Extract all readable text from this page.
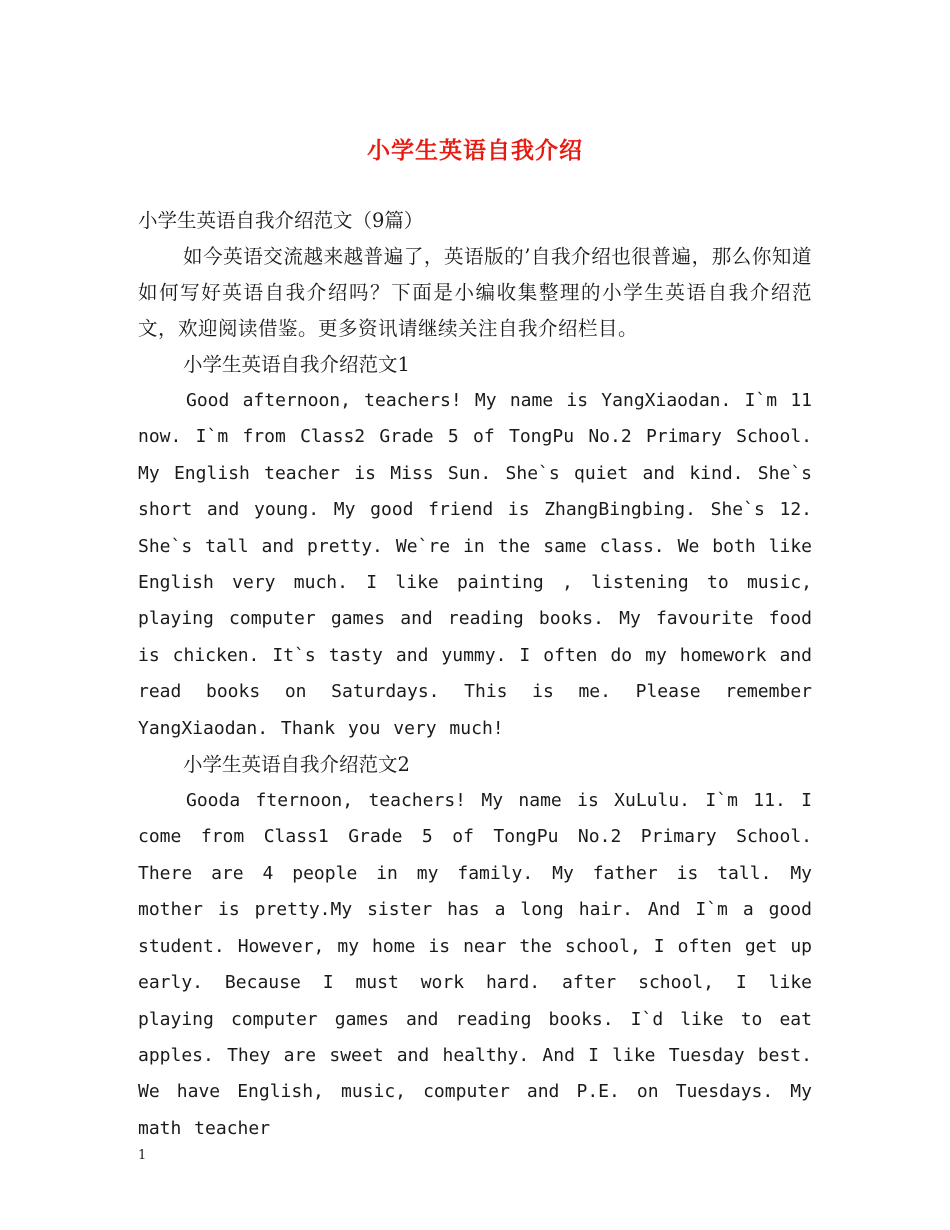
小学生英语自我介绍

小学生英语自我介绍范文（9篇）

如今英语交流越来越普遍了，英语版的’自我介绍也很普遍，那么你知道如何写好英语自我介绍吗？下面是小编收集整理的小学生英语自我介绍范文，欢迎阅读借鉴。更多资讯请继续关注自我介绍栏目。

小学生英语自我介绍范文1

Good afternoon, teachers! My name is YangXiaodan. I`m 11 now. I`m from Class2 Grade 5 of TongPu No.2 Primary School. My English teacher is Miss Sun. She`s quiet and kind. She`s short and young. My good friend is ZhangBingbing. She`s 12. She`s tall and pretty. We`re in the same class. We both like English very much. I like painting , listening to music, playing computer games and reading books. My favourite food is chicken. It`s tasty and yummy. I often do my homework and read books on Saturdays. This is me. Please remember YangXiaodan. Thank you very much!

小学生英语自我介绍范文2

Gooda fternoon, teachers! My name is XuLulu. I`m 11. I come from Class1 Grade 5 of TongPu No.2 Primary School. There are 4 people in my family. My father is tall. My mother is pretty.My sister has a long hair. And I`m a good student. However, my home is near the school, I often get up early. Because I must work hard. after school, I like playing computer games and reading books. I`d like to eat apples. They are sweet and healthy. And I like Tuesday best. We have English, music, computer and P.E. on Tuesdays. My math teacher

1
